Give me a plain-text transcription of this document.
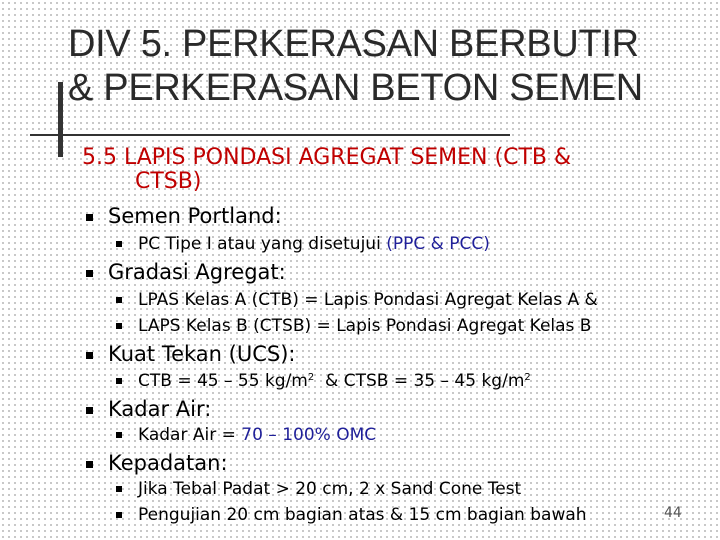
DIV 5. PERKERASAN BERBUTIR
& PERKERASAN BETON SEMEN
5.5 LAPIS PONDASI AGREGAT SEMEN (CTB &
CTSB)
Semen Portland:
PC Tipe I atau yang disetujui (PPC & PCC)
Gradasi Agregat:
LPAS Kelas A (CTB) = Lapis Pondasi Agregat Kelas A &
LAPS Kelas B (CTSB) = Lapis Pondasi Agregat Kelas B
Kuat Tekan (UCS):
CTB = 45 – 55 $kg/m^2$  & CTSB = 35 – 45 $kg/m^2$
Kadar Air:
Kadar Air = 70 – 100% OMC
Kepadatan:
Jika Tebal Padat > 20 cm, 2 x Sand Cone Test
Pengujian 20 cm bagian atas & 15 cm bagian bawah	44
